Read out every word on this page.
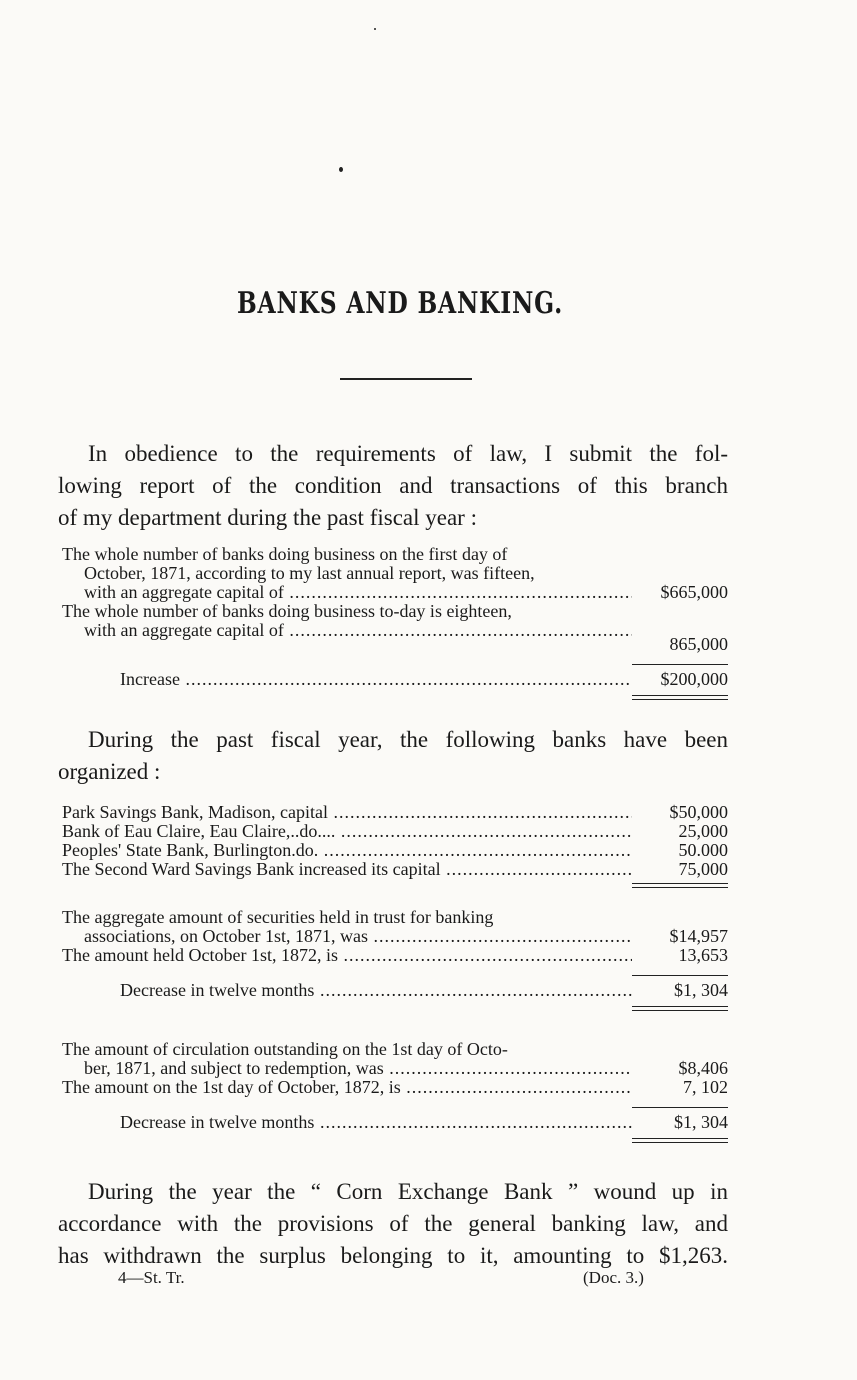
BANKS AND BANKING.
In obedience to the requirements of law, I submit the fol-
lowing report of the condition and transactions of this branch
of my department during the past fiscal year :
The whole number of banks doing business on the first day of
October, 1871, according to my last annual report, was fifteen,
with an aggregate capital of .....	$665,000
The whole number of banks doing business to-day is eighteen,
with an aggregate capital of .....
865,000
Increase .....	$200,000
During the past fiscal year, the following banks have been
organized :
Park Savings Bank, Madison, capital .....	$50,000
Bank of Eau Claire, Eau Claire,..do.... .....	25,000
Peoples' State Bank, Burlington.do. .....	50.000
The Second Ward Savings Bank increased its capital .....	75,000
The aggregate amount of securities held in trust for banking
associations, on October 1st, 1871, was .....	$14,957
The amount held October 1st, 1872, is .....	13,653
Decrease in twelve months .....	$1, 304
The amount of circulation outstanding on the 1st day of Octo-
ber, 1871, and subject to redemption, was .....	$8,406
The amount on the 1st day of October, 1872, is .....	7, 102
Decrease in twelve months .....	$1, 304
During the year the “ Corn Exchange Bank ” wound up in
accordance with the provisions of the general banking law, and
has withdrawn the surplus belonging to it, amounting to $1,263.
4—St. Tr.	(Doc. 3.)
